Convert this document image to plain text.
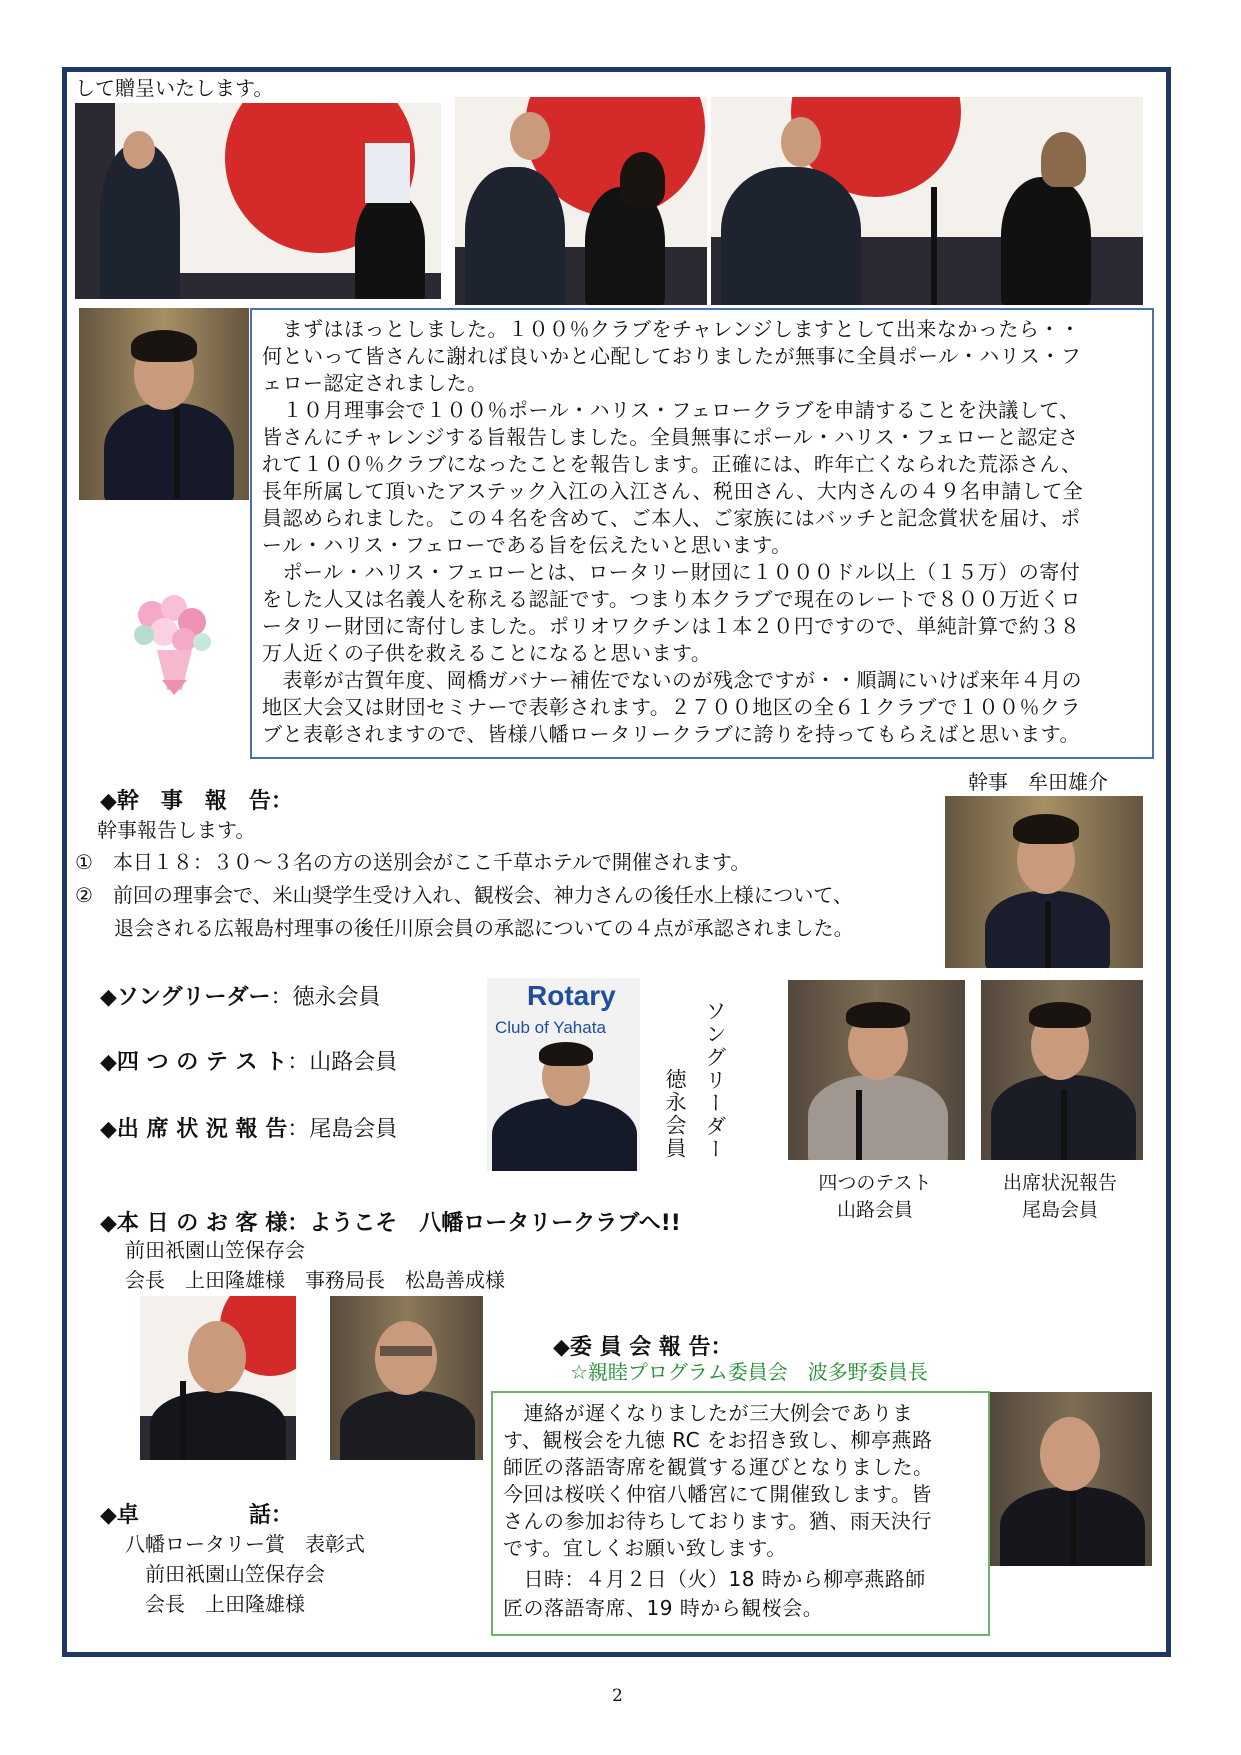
して贈呈いたします。
　まずはほっとしました。１００％クラブをチャレンジしますとして出来なかったら・・
何といって皆さんに謝れば良いかと心配しておりましたが無事に全員ポール・ハリス・フ
ェロー認定されました。
　１０月理事会で１００％ポール・ハリス・フェロークラブを申請することを決議して、
皆さんにチャレンジする旨報告しました。全員無事にポール・ハリス・フェローと認定さ
れて１００％クラブになったことを報告します。正確には、昨年亡くなられた荒添さん、
長年所属して頂いたアステック入江の入江さん、税田さん、大内さんの４９名申請して全
員認められました。この４名を含めて、ご本人、ご家族にはバッチと記念賞状を届け、ポ
ール・ハリス・フェローである旨を伝えたいと思います。
　ポール・ハリス・フェローとは、ロータリー財団に１０００ドル以上（１５万）の寄付
をした人又は名義人を称える認証です。つまり本クラブで現在のレートで８００万近くロ
ータリー財団に寄付しました。ポリオワクチンは１本２０円ですので、単純計算で約３８
万人近くの子供を救えることになると思います。
　表彰が古賀年度、岡橋ガバナー補佐でないのが残念ですが・・順調にいけば来年４月の
地区大会又は財団セミナーで表彰されます。２７００地区の全６１クラブで１００％クラ
ブと表彰されますので、皆様八幡ロータリークラブに誇りを持ってもらえばと思います。
◆幹　事　報　告：
幹事　牟田雄介
幹事報告します。
①　本日１８：３０～３名の方の送別会がここ千草ホテルで開催されます。
②　前回の理事会で、米山奨学生受け入れ、観桜会、神力さんの後任水上様について、
退会される広報島村理事の後任川原会員の承認についての４点が承認されました。
◆ソングリーダー：徳永会員
◆四 つ の テ ス ト：山路会員
◆出 席 状 況 報 告：尾島会員
Rotary
Club of Yahata	ソングリーダー
徳永会員
四つのテスト
山路会員
出席状況報告
尾島会員
◆本 日 の お 客 様：ようこそ　八幡ロータリークラブへ!!
前田祇園山笠保存会
会長　上田隆雄様　事務局長　松島善成様
◆委 員 会 報 告：
☆親睦プログラム委員会　波多野委員長
　連絡が遅くなりましたが三大例会でありま
す、観桜会を九徳 RC をお招き致し、柳亭燕路
師匠の落語寄席を観賞する運びとなりました。
今回は桜咲く仲宿八幡宮にて開催致します。皆
さんの参加お待ちしております。猶、雨天決行
です。宜しくお願い致します。
　日時：４月２日（火）18 時から柳亭燕路師
匠の落語寄席、19 時から観桜会。
◆卓　　　　　話：
八幡ロータリー賞　表彰式
　前田祇園山笠保存会
　会長　上田隆雄様
2
